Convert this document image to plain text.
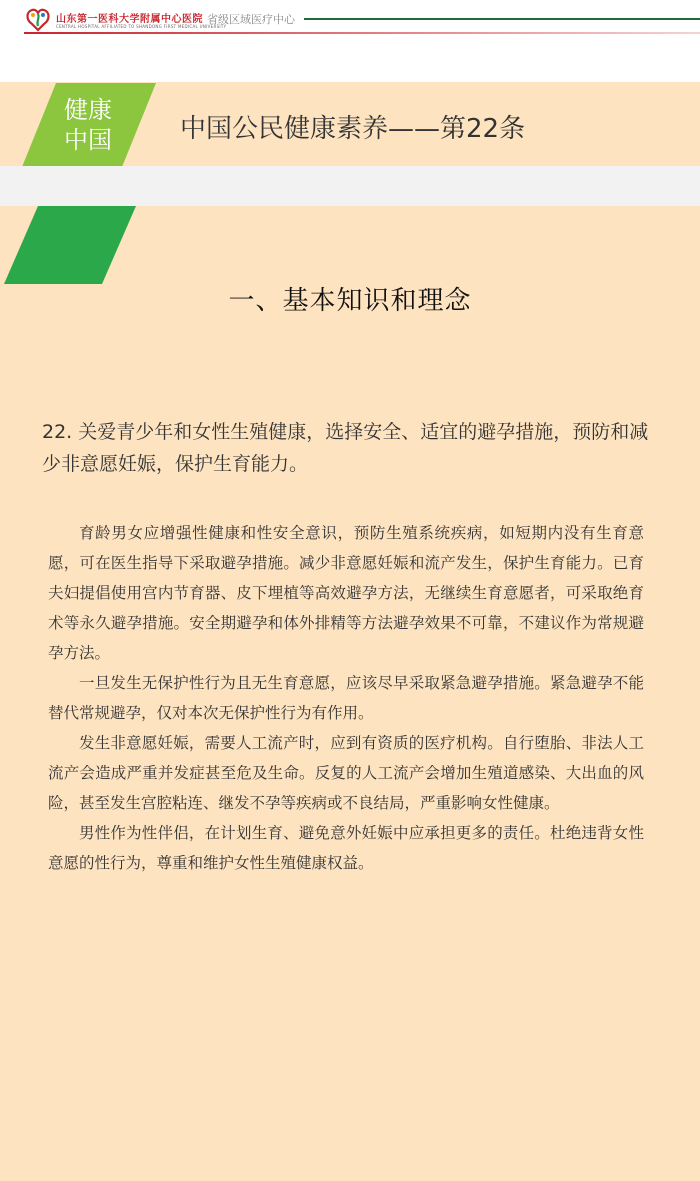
山东第一医科大学附属中心医院
CENTRAL HOSPITAL AFFILIATED TO SHANDONG FIRST MEDICAL UNIVERSITY
省级区域医疗中心
健康
中国	中国公民健康素养——第22条
一、基本知识和理念
22. 关爱青少年和女性生殖健康，选择安全、适宜的避孕措施，预防和减少非意愿妊娠，保护生育能力。

育龄男女应增强性健康和性安全意识，预防生殖系统疾病，如短期内没有生育意愿，可在医生指导下采取避孕措施。减少非意愿妊娠和流产发生，保护生育能力。已育夫妇提倡使用宫内节育器、皮下埋植等高效避孕方法，无继续生育意愿者，可采取绝育术等永久避孕措施。安全期避孕和体外排精等方法避孕效果不可靠，不建议作为常规避孕方法。

一旦发生无保护性行为且无生育意愿，应该尽早采取紧急避孕措施。紧急避孕不能替代常规避孕，仅对本次无保护性行为有作用。

发生非意愿妊娠，需要人工流产时，应到有资质的医疗机构。自行堕胎、非法人工流产会造成严重并发症甚至危及生命。反复的人工流产会增加生殖道感染、大出血的风险，甚至发生宫腔粘连、继发不孕等疾病或不良结局，严重影响女性健康。

男性作为性伴侣，在计划生育、避免意外妊娠中应承担更多的责任。杜绝违背女性意愿的性行为，尊重和维护女性生殖健康权益。
